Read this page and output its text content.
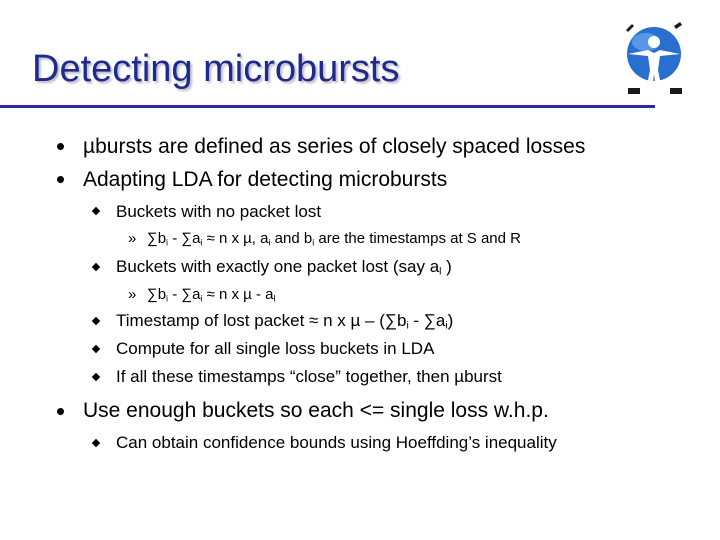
Detecting microbursts
µbursts are defined as series of closely spaced losses
Adapting LDA for detecting microbursts
Buckets with no packet lost
» $\sum b_i - \sum a_i \approx n$ x µ, $a_i$ and $b_i$ are the timestamps at S and R
Buckets with exactly one packet lost (say $a_l$ )
» $\sum b_i - \sum a_i \approx n$ x µ - $a_l$
Timestamp of lost packet ≈ n x µ – $(\sum b_i - \sum a_i)$
Compute for all single loss buckets in LDA
If all these timestamps “close” together, then µburst
Use enough buckets so each <= single loss w.h.p.
Can obtain confidence bounds using Hoeffding’s inequality
